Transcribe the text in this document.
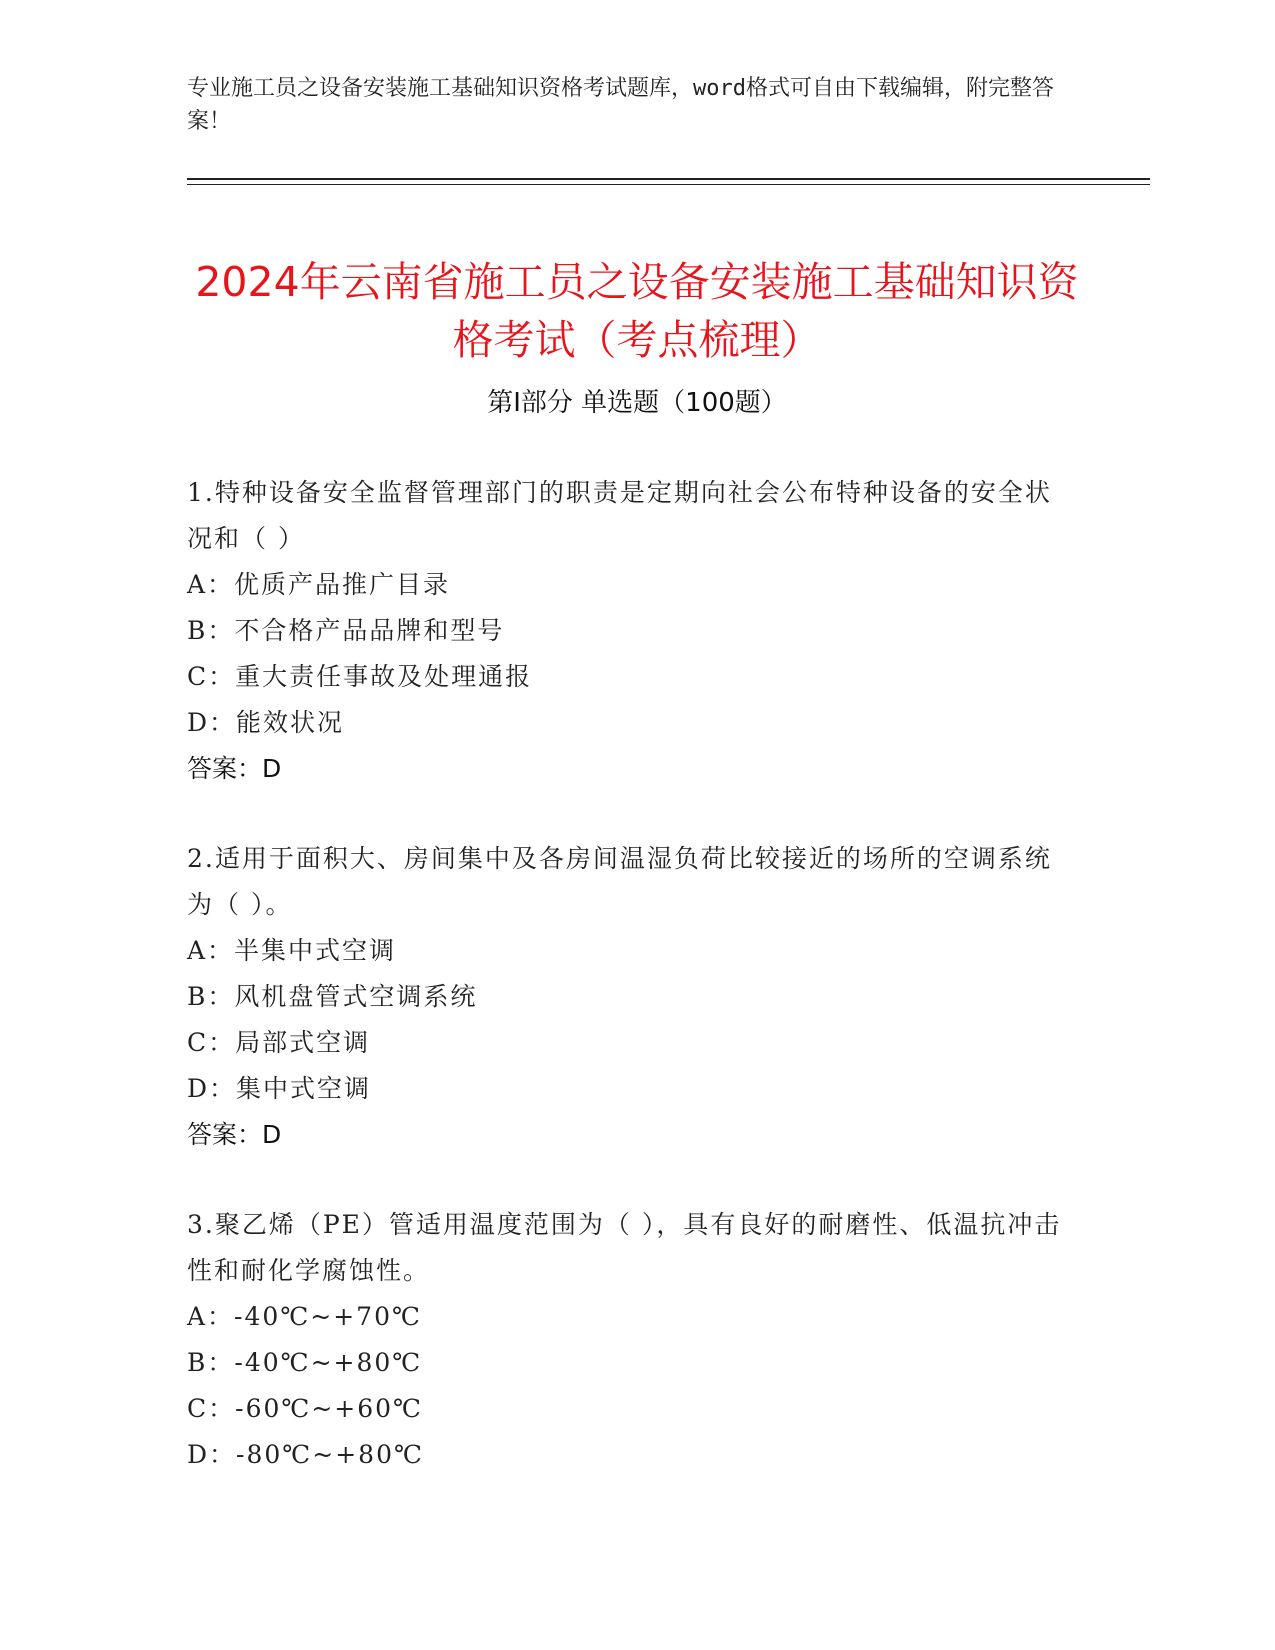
专业施工员之设备安装施工基础知识资格考试题库，word格式可自由下载编辑，附完整答案！
2024年云南省施工员之设备安装施工基础知识资格考试（考点梳理）
第Ⅰ部分 单选题（100题）
1.特种设备安全监督管理部门的职责是定期向社会公布特种设备的安全状况和（ ）
A：优质产品推广目录
B：不合格产品品牌和型号
C：重大责任事故及处理通报
D：能效状况
答案：D
2.适用于面积大、房间集中及各房间温湿负荷比较接近的场所的空调系统为（ ）。
A：半集中式空调
B：风机盘管式空调系统
C：局部式空调
D：集中式空调
答案：D
3.聚乙烯（PE）管适用温度范围为（ ），具有良好的耐磨性、低温抗冲击性和耐化学腐蚀性。
A：-40℃~+70℃
B：-40℃~+80℃
C：-60℃~+60℃
D：-80℃~+80℃
